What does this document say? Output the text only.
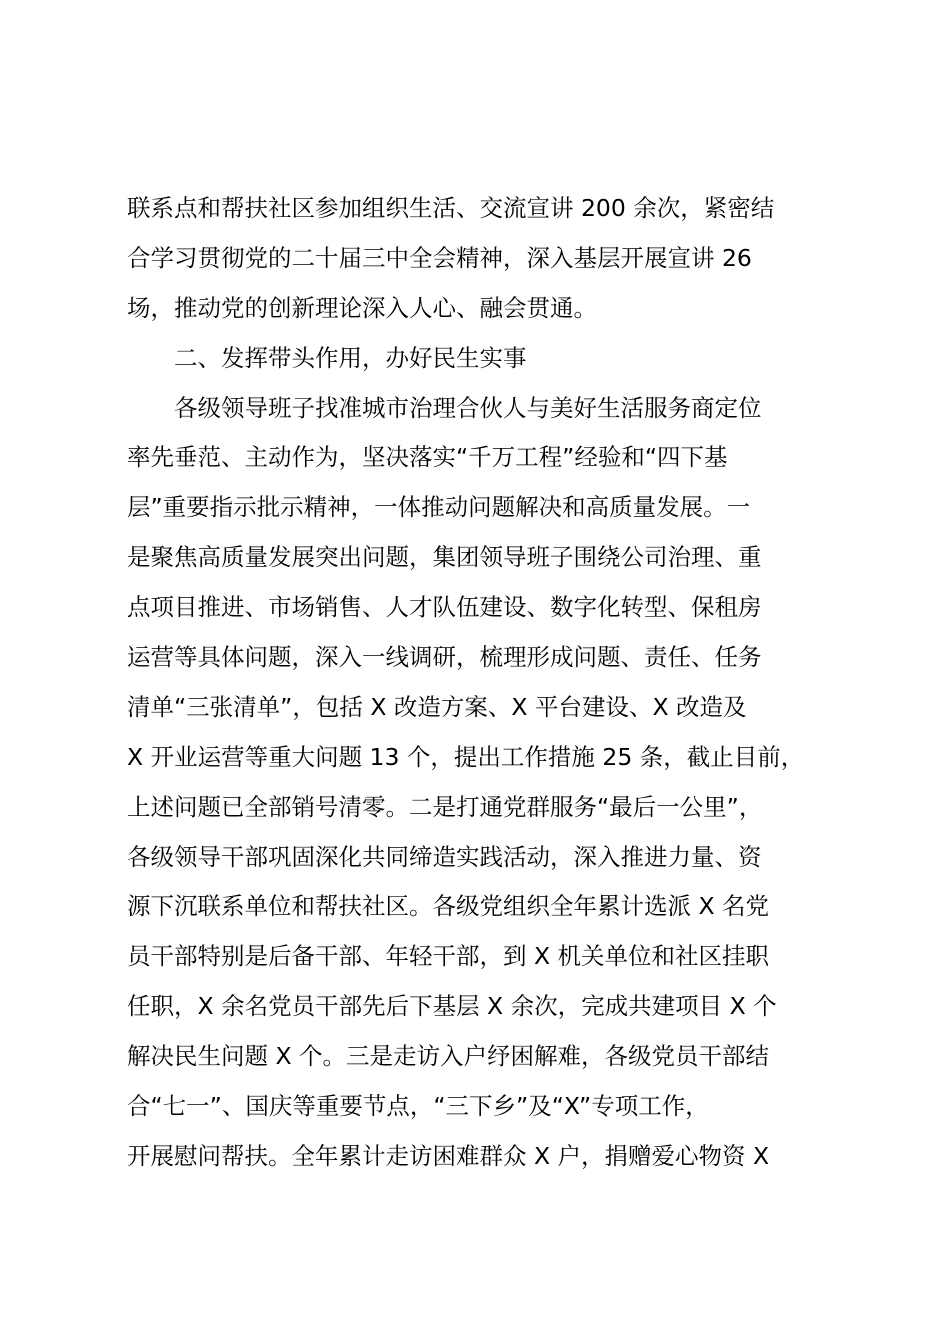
联系点和帮扶社区参加组织生活、交流宣讲 200 余次，紧密结
合学习贯彻党的二十届三中全会精神，深入基层开展宣讲 26
场，推动党的创新理论深入人心、融会贯通。
二、发挥带头作用，办好民生实事
各级领导班子找准城市治理合伙人与美好生活服务商定位
率先垂范、主动作为，坚决落实“千万工程”经验和“四下基
层”重要指示批示精神，一体推动问题解决和高质量发展。一
是聚焦高质量发展突出问题，集团领导班子围绕公司治理、重
点项目推进、市场销售、人才队伍建设、数字化转型、保租房
运营等具体问题，深入一线调研，梳理形成问题、责任、任务
清单“三张清单”，包括 X 改造方案、X 平台建设、X 改造及
X 开业运营等重大问题 13 个，提出工作措施 25 条，截止目前，
上述问题已全部销号清零。二是打通党群服务“最后一公里”，
各级领导干部巩固深化共同缔造实践活动，深入推进力量、资
源下沉联系单位和帮扶社区。各级党组织全年累计选派 X 名党
员干部特别是后备干部、年轻干部，到 X 机关单位和社区挂职
任职，X 余名党员干部先后下基层 X 余次，完成共建项目 X 个
解决民生问题 X 个。三是走访入户纾困解难，各级党员干部结
合“七一”、国庆等重要节点，“三下乡”及“X”专项工作，
开展慰问帮扶。全年累计走访困难群众 X 户，捐赠爱心物资 X
